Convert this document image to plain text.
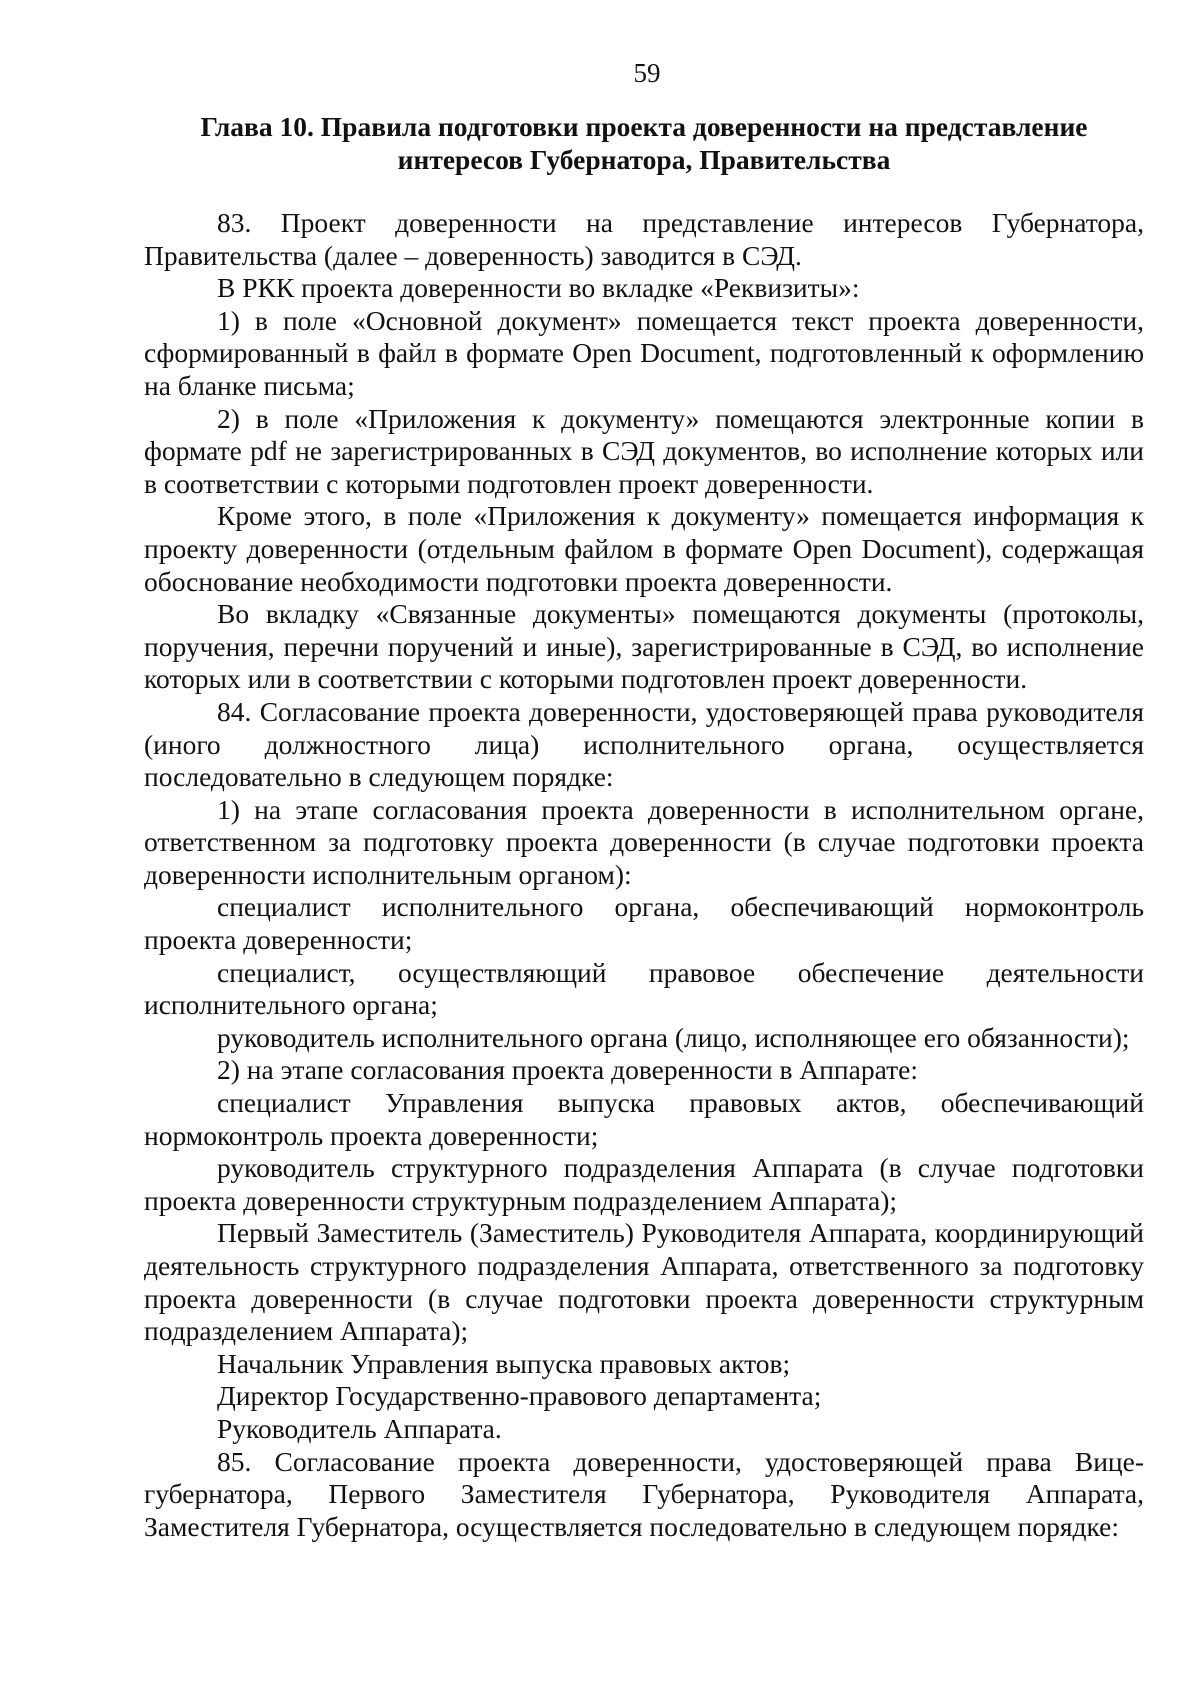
59
Глава 10. Правила подготовки проекта доверенности на представление
интересов Губернатора, Правительства

83. Проект доверенности на представление интересов Губернатора, Правительства (далее – доверенность) заводится в СЭД.

В РКК проекта доверенности во вкладке «Реквизиты»:

1) в поле «Основной документ» помещается текст проекта доверенности, сформированный в файл в формате Open Document, подготовленный к оформлению на бланке письма;

2) в поле «Приложения к документу» помещаются электронные копии в формате pdf не зарегистрированных в СЭД документов, во исполнение которых или в соответствии с которыми подготовлен проект доверенности.

Кроме этого, в поле «Приложения к документу» помещается информация к проекту доверенности (отдельным файлом в формате Open Document), содержащая обоснование необходимости подготовки проекта доверенности.

Во вкладку «Связанные документы» помещаются документы (протоколы, поручения, перечни поручений и иные), зарегистрированные в СЭД, во исполнение которых или в соответствии с которыми подготовлен проект доверенности.

84. Согласование проекта доверенности, удостоверяющей права руководителя (иного должностного лица) исполнительного органа, осуществляется последовательно в следующем порядке:

1) на этапе согласования проекта доверенности в исполнительном органе, ответственном за подготовку проекта доверенности (в случае подготовки проекта доверенности исполнительным органом):

специалист исполнительного органа, обеспечивающий нормоконтроль проекта доверенности;

специалист, осуществляющий правовое обеспечение деятельности исполнительного органа;

руководитель исполнительного органа (лицо, исполняющее его обязанности);

2) на этапе согласования проекта доверенности в Аппарате:

специалист Управления выпуска правовых актов, обеспечивающий нормоконтроль проекта доверенности;

руководитель структурного подразделения Аппарата (в случае подготовки проекта доверенности структурным подразделением Аппарата);

Первый Заместитель (Заместитель) Руководителя Аппарата, координирующий деятельность структурного подразделения Аппарата, ответственного за подготовку проекта доверенности (в случае подготовки проекта доверенности структурным подразделением Аппарата);

Начальник Управления выпуска правовых актов;

Директор Государственно-правового департамента;

Руководитель Аппарата.

85. Согласование проекта доверенности, удостоверяющей права Вице-губернатора, Первого Заместителя Губернатора, Руководителя Аппарата, Заместителя Губернатора, осуществляется последовательно в следующем порядке:
